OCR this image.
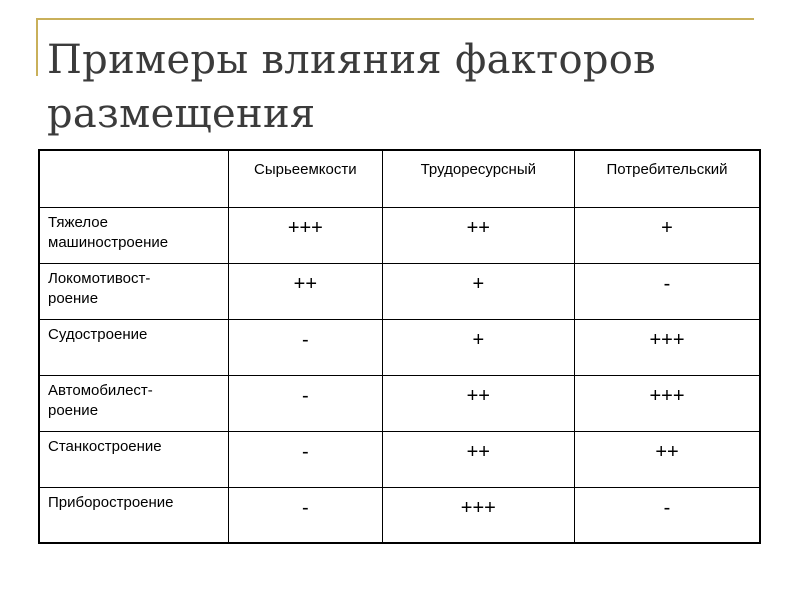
Примеры влияния факторов
размещения
	Сырьеемкости	Трудоресурсный	Потребительский
Тяжелое
машиностроение	+++	++	+
Локомотивост-
роение	++	+	-
Судостроение	-	+	+++
Автомобилест-
роение	-	++	+++
Станкостроение	-	++	++
Приборостроение	-	+++	-
